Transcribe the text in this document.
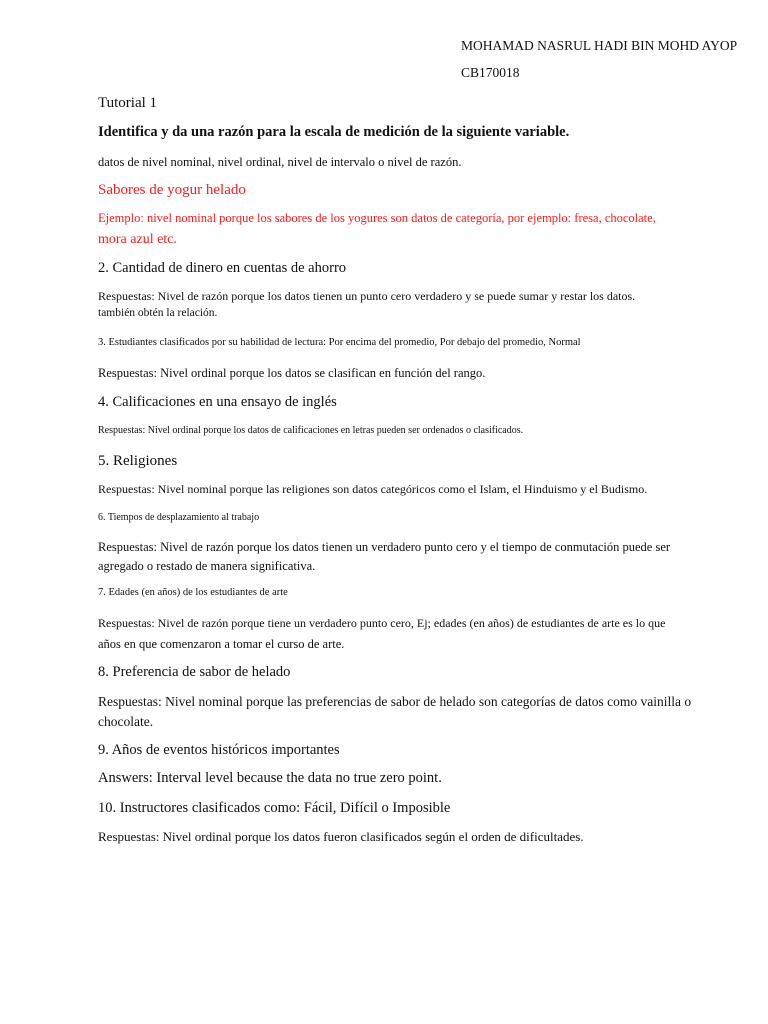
MOHAMAD NASRUL HADI BIN MOHD AYOP

CB170018

Tutorial 1

Identifica y da una razón para la escala de medición de la siguiente variable.

datos de nivel nominal, nivel ordinal, nivel de intervalo o nivel de razón.

Sabores de yogur helado

Ejemplo: nivel nominal porque los sabores de los yogures son datos de categoría, por ejemplo: fresa, chocolate,

mora azul etc.

2. Cantidad de dinero en cuentas de ahorro

Respuestas: Nivel de razón porque los datos tienen un punto cero verdadero y se puede sumar y restar los datos.

también obtén la relación.

3. Estudiantes clasificados por su habilidad de lectura: Por encima del promedio, Por debajo del promedio, Normal

Respuestas: Nivel ordinal porque los datos se clasifican en función del rango.

4. Calificaciones en una ensayo de inglés

Respuestas: Nivel ordinal porque los datos de calificaciones en letras pueden ser ordenados o clasificados.

5. Religiones

Respuestas: Nivel nominal porque las religiones son datos categóricos como el Islam, el Hinduismo y el Budismo.

6. Tiempos de desplazamiento al trabajo

Respuestas: Nivel de razón porque los datos tienen un verdadero punto cero y el tiempo de conmutación puede ser

agregado o restado de manera significativa.

7. Edades (en años) de los estudiantes de arte

Respuestas: Nivel de razón porque tiene un verdadero punto cero, Ej; edades (en años) de estudiantes de arte es lo que

años en que comenzaron a tomar el curso de arte.

8. Preferencia de sabor de helado

Respuestas: Nivel nominal porque las preferencias de sabor de helado son categorías de datos como vainilla o

chocolate.

9. Años de eventos históricos importantes

Answers: Interval level because the data no true zero point.

10. Instructores clasificados como: Fácil, Difícil o Imposible

Respuestas: Nivel ordinal porque los datos fueron clasificados según el orden de dificultades.
